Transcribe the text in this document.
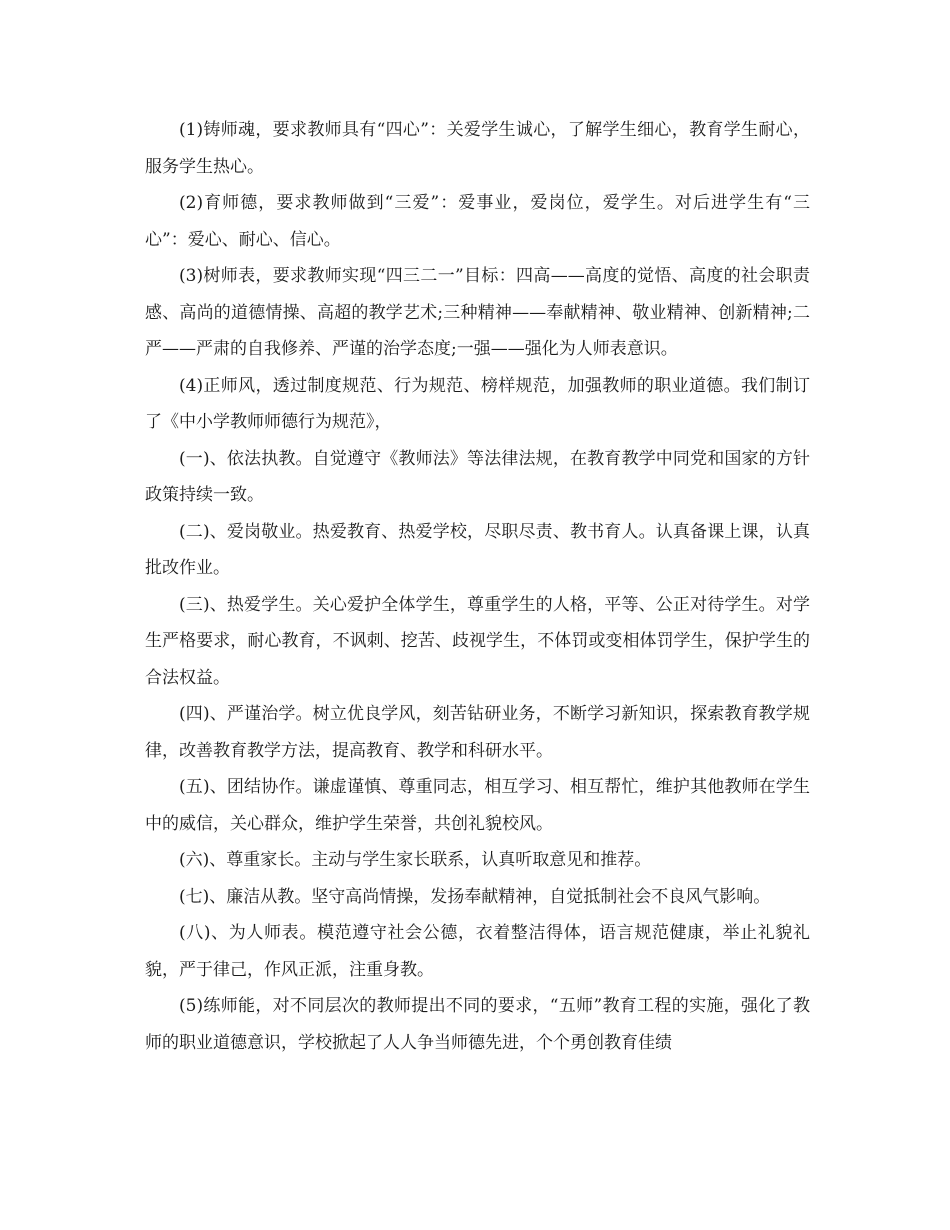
(1)铸师魂，要求教师具有“四心”：关爱学生诚心，了解学生细心，教育学生耐心，服务学生热心。

(2)育师德，要求教师做到“三爱”：爱事业，爱岗位，爱学生。对后进学生有“三心”：爱心、耐心、信心。

(3)树师表，要求教师实现“四三二一”目标：四高——高度的觉悟、高度的社会职责感、高尚的道德情操、高超的教学艺术;三种精神——奉献精神、敬业精神、创新精神;二严——严肃的自我修养、严谨的治学态度;一强——强化为人师表意识。

(4)正师风，透过制度规范、行为规范、榜样规范，加强教师的职业道德。我们制订了《中小学教师师德行为规范》，

(一)、依法执教。自觉遵守《教师法》等法律法规，在教育教学中同党和国家的方针政策持续一致。

(二)、爱岗敬业。热爱教育、热爱学校，尽职尽责、教书育人。认真备课上课，认真批改作业。

(三)、热爱学生。关心爱护全体学生，尊重学生的人格，平等、公正对待学生。对学生严格要求，耐心教育，不讽刺、挖苦、歧视学生，不体罚或变相体罚学生，保护学生的合法权益。

(四)、严谨治学。树立优良学风，刻苦钻研业务，不断学习新知识，探索教育教学规律，改善教育教学方法，提高教育、教学和科研水平。

(五)、团结协作。谦虚谨慎、尊重同志，相互学习、相互帮忙，维护其他教师在学生中的威信，关心群众，维护学生荣誉，共创礼貌校风。

(六)、尊重家长。主动与学生家长联系，认真听取意见和推荐。

(七)、廉洁从教。坚守高尚情操，发扬奉献精神，自觉抵制社会不良风气影响。

(八)、为人师表。模范遵守社会公德，衣着整洁得体，语言规范健康，举止礼貌礼貌，严于律己，作风正派，注重身教。

(5)练师能，对不同层次的教师提出不同的要求，“五师”教育工程的实施，强化了教师的职业道德意识，学校掀起了人人争当师德先进，个个勇创教育佳绩
